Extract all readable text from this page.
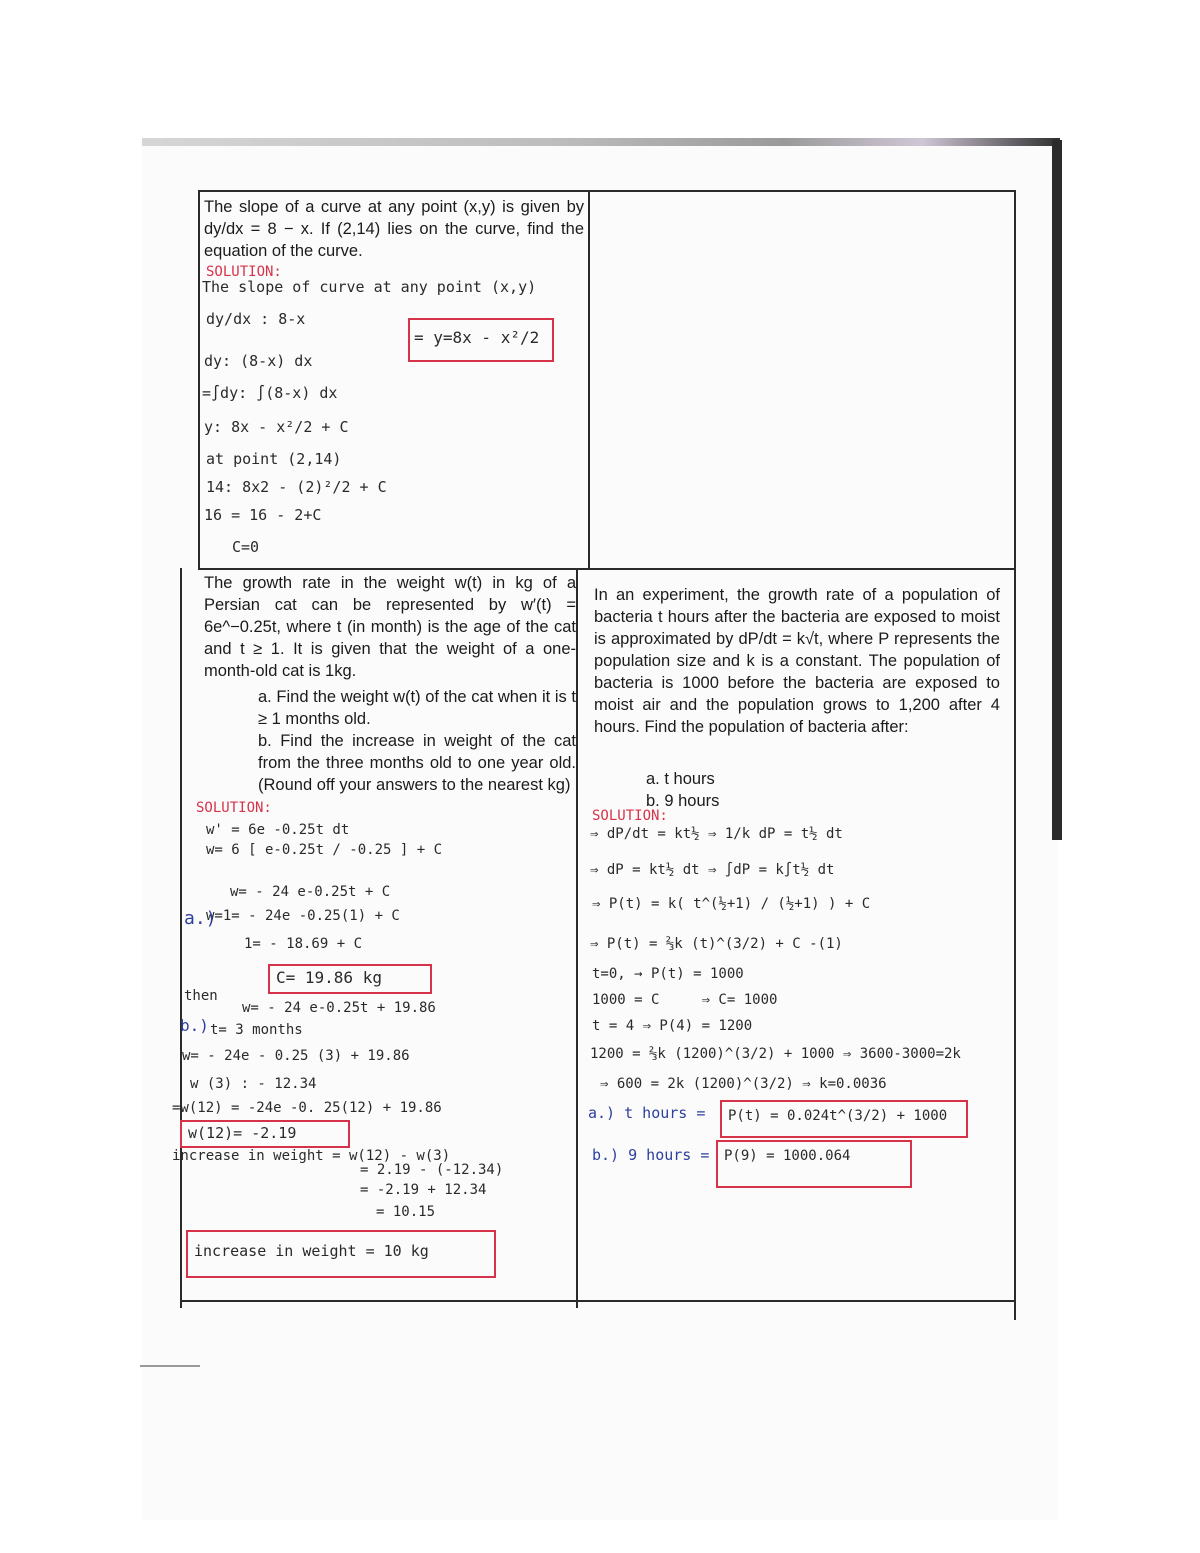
The slope of a curve at any point (x,y) is given by dy/dx = 8 − x. If (2,14) lies on the curve, find the equation of the curve.
SOLUTION:
The slope of curve at any point (x,y)
dy/dx : 8-x
dy: (8-x) dx
=∫dy: ∫(8-x) dx
y: 8x - x²/2 + C
at point (2,14)
14: 8x2 - (2)²/2 + C
16 = 16 - 2+C
C=0
= y=8x - x²/2
The growth rate in the weight w(t) in kg of a Persian cat can be represented by w′(t) = 6e^−0.25t, where t (in month) is the age of the cat and t ≥ 1. It is given that the weight of a one-month-old cat is 1kg.
a. Find the weight w(t) of the cat when it is t ≥ 1 months old.
b. Find the increase in weight of the cat from the three months old to one year old. (Round off your answers to the nearest kg)
SOLUTION:
w' = 6e -0.25t dt
w= 6 [ e-0.25t / -0.25 ] + C
w= - 24 e-0.25t + C
w=1= - 24e -0.25(1) + C
1= - 18.69 + C
then
w= - 24 e-0.25t + 19.86
t= 3 months
w= - 24e - 0.25 (3) + 19.86
w (3) : - 12.34
=w(12) = -24e -0. 25(12) + 19.86
increase in weight = w(12) - w(3)
= 2.19 - (-12.34)
= -2.19 + 12.34
= 10.15
a.)
b.)
C= 19.86 kg
w(12)= -2.19
increase in weight = 10 kg
In an experiment, the growth rate of a population of bacteria t hours after the bacteria are exposed to moist is approximated by dP/dt = k√t, where P represents the population size and k is a constant. The population of bacteria is 1000 before the bacteria are exposed to moist air and the population grows to 1,200 after 4 hours. Find the population of bacteria after:
a. t hours
b. 9 hours
SOLUTION:
⇒ dP/dt = kt½ ⇒ 1/k dP = t½ dt
⇒ dP = kt½ dt ⇒ ∫dP = k∫t½ dt
⇒ P(t) = k( t^(½+1) / (½+1) ) + C
⇒ P(t) = ⅔k (t)^(3/2) + C -(1)
t=0, → P(t) = 1000
1000 = C     ⇒ C= 1000
t = 4 ⇒ P(4) = 1200
1200 = ⅔k (1200)^(3/2) + 1000 ⇒ 3600-3000=2k
⇒ 600 = 2k (1200)^(3/2) ⇒ k=0.0036
a.) t hours = P(t) = 0.024t^(3/2) + 1000
b.) 9 hours = P(9) = 1000.064
